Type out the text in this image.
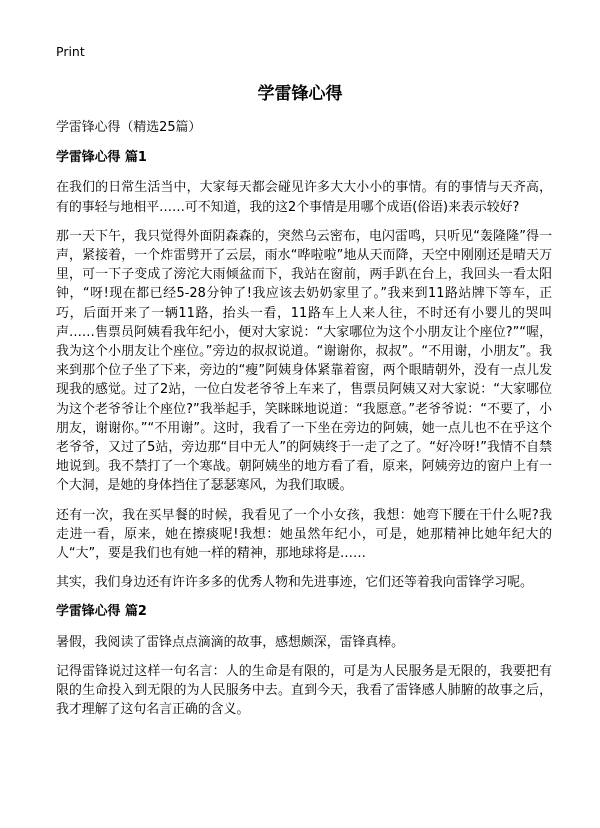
Print
学雷锋心得
学雷锋心得（精选25篇）
学雷锋心得 篇1

在我们的日常生活当中，大家每天都会碰见许多大大小小的事情。有的事情与天齐高，有的事轻与地相平……可不知道，我的这2个事情是用哪个成语(俗语)来表示较好?

那一天下午，我只觉得外面阴森森的，突然乌云密布，电闪雷鸣，只听见“轰隆隆”得一声，紧接着，一个炸雷劈开了云层，雨水“哗啦啦”地从天而降，天空中刚刚还是晴天万里，可一下子变成了滂沱大雨倾盆而下，我站在窗前，两手趴在台上，我回头一看太阳钟，“呀!现在都已经5-28分钟了!我应该去奶奶家里了。”我来到11路站牌下等车，正巧，后面开来了一辆11路，抬头一看，11路车上人来人往，不时还有小婴儿的哭叫声……售票员阿姨看我年纪小，便对大家说：“大家哪位为这个小朋友让个座位?”“喔，我为这个小朋友让个座位。”旁边的叔叔说道。“谢谢你，叔叔”。“不用谢，小朋友”。我来到那个位子坐了下来，旁边的“瘦”阿姨身体紧靠着窗，两个眼睛朝外，没有一点儿发现我的感觉。过了2站，一位白发老爷爷上车来了，售票员阿姨又对大家说：“大家哪位为这个老爷爷让个座位?”我举起手，笑眯眯地说道：“我愿意。”老爷爷说：“不要了，小朋友，谢谢你。”“不用谢”。这时，我看了一下坐在旁边的阿姨，她一点儿也不在乎这个老爷爷，又过了5站，旁边那“目中无人”的阿姨终于一走了之了。“好冷呀!”我情不自禁地说到。我不禁打了一个寒战。朝阿姨坐的地方看了看，原来，阿姨旁边的窗户上有一个大洞，是她的身体挡住了瑟瑟寒风，为我们取暖。

还有一次，我在买早餐的时候，我看见了一个小女孩，我想：她弯下腰在干什么呢?我走进一看，原来，她在擦痰呢!我想：她虽然年纪小，可是，她那精神比她年纪大的人“大”，要是我们也有她一样的精神，那地球将是……

其实，我们身边还有许许多多的优秀人物和先进事迹，它们还等着我向雷锋学习呢。

学雷锋心得 篇2

暑假，我阅读了雷锋点点滴滴的故事，感想颇深，雷锋真棒。

记得雷锋说过这样一句名言：人的生命是有限的，可是为人民服务是无限的，我要把有限的生命投入到无限的为人民服务中去。直到今天，我看了雷锋感人肺腑的故事之后，我才理解了这句名言正确的含义。
